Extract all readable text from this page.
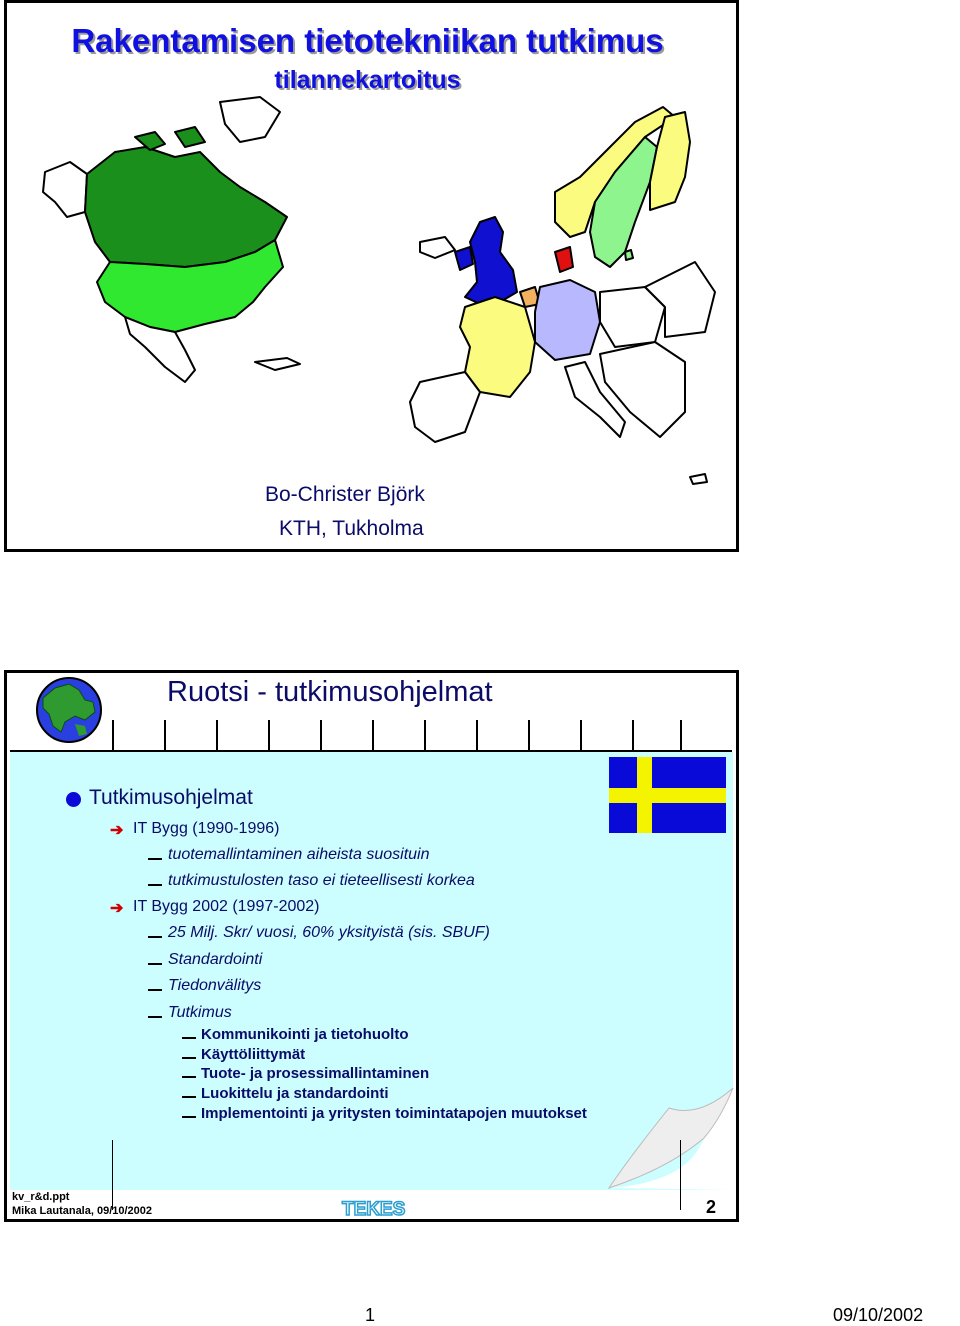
Rakentamisen tietotekniikan tutkimus
tilannekartoitus
Bo-Christer Björk
KTH, Tukholma
Ruotsi - tutkimusohjelmat
Tutkimusohjelmat
➔ IT Bygg (1990-1996)
tuotemallintaminen aiheista suosituin
tutkimustulosten taso ei tieteellisesti korkea
➔ IT Bygg 2002 (1997-2002)
25 Milj. Skr/ vuosi, 60% yksityistä (sis. SBUF)
Standardointi
Tiedonvälitys
Tutkimus
Kommunikointi ja tietohuolto
Käyttöliittymät
Tuote- ja prosessimallintaminen
Luokittelu ja standardointi
Implementointi ja yritysten toimintatapojen muutokset
kv_r&d.ppt
Mika Lautanala, 09/10/2002	TEKES	2
1	09/10/2002
